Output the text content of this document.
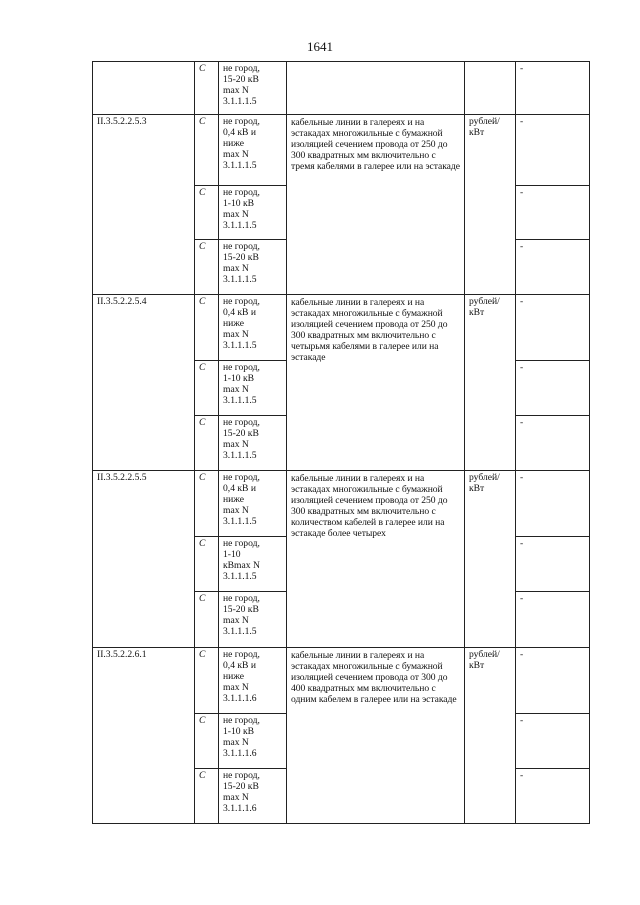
1641
	С	не город,
15-20 кВ
max N
3.1.1.1.5			-
II.3.5.2.2.5.3	С	не город,
0,4 кВ и
ниже
max N
3.1.1.1.5	кабельные линии в галереях и на эстакадах многожильные с бумажной изоляцией сечением провода от 250 до 300 квадратных мм включительно с тремя кабелями в галерее или на эстакаде	рублей/
кВт	-
	С	не город,
1-10 кВ
max N
3.1.1.1.5			-
	С	не город,
15-20 кВ
max N
3.1.1.1.5			-
II.3.5.2.2.5.4	С	не город,
0,4 кВ и
ниже
max N
3.1.1.1.5	кабельные линии в галереях и на эстакадах многожильные с бумажной изоляцией сечением провода от 250 до 300 квадратных мм включительно с четырьмя кабелями в галерее или на эстакаде	рублей/
кВт	-
	С	не город,
1-10 кВ
max N
3.1.1.1.5			-
	С	не город,
15-20 кВ
max N
3.1.1.1.5			-
II.3.5.2.2.5.5	С	не город,
0,4 кВ и
ниже
max N
3.1.1.1.5	кабельные линии в галереях и на эстакадах многожильные с бумажной изоляцией сечением провода от 250 до 300 квадратных мм включительно с количеством кабелей в галерее или на эстакаде более четырех	рублей/
кВт	-
	С	не город,
1-10
кВmax N
3.1.1.1.5			-
	С	не город,
15-20 кВ
max N
3.1.1.1.5			-
II.3.5.2.2.6.1	С	не город,
0,4 кВ и
ниже
max N
3.1.1.1.6	кабельные линии в галереях и на эстакадах многожильные с бумажной изоляцией сечением провода от 300 до 400 квадратных мм включительно с одним кабелем в галерее или на эстакаде	рублей/
кВт	-
	С	не город,
1-10 кВ
max N
3.1.1.1.6			-
	С	не город,
15-20 кВ
max N
3.1.1.1.6			-
